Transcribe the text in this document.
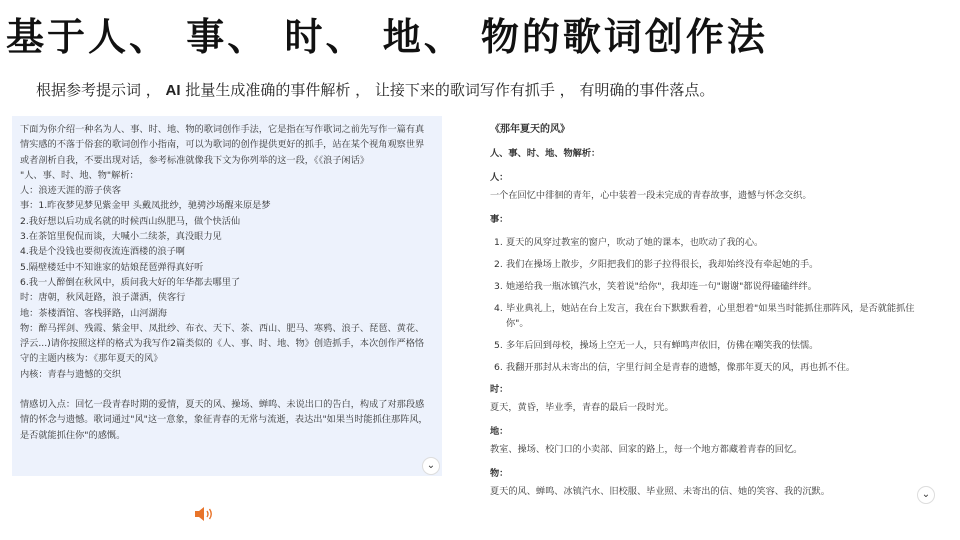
基于人、 事、 时、 地、 物的歌词创作法
根据参考提示词 ， AI 批量生成准确的事件解析 ， 让接下来的歌词写作有抓手 ， 有明确的事件落点。

下面为你介绍一种名为人、事、时、地、物的歌词创作手法，它是指在写作歌词之前先写作一篇有真

情实感的不落于俗套的歌词创作小指南，可以为歌词的创作提供更好的抓手，站在某个视角观察世界

或者剖析自我，不要出现对话，参考标准就像我下文为你列举的这一段，《《浪子闲话》

"人、事、时、地、物"解析：

人：浪迹天涯的游子侠客

事：1.昨夜梦见梦见紫金甲 头戴凤批纱，驰骋沙场醒来原是梦

2.我好想以后功成名就的时候西山纵肥马，做个快活仙

3.在茶馆里倪侃而谈，大喊小二续茶，真没眼力见

4.我是个没钱也要彻夜流连酒楼的浪子啊

5.隔壁楼廷中不知谁家的姑娘琵琶弹得真好听

6.我一人醉倒在秋风中，质问我大好的年华都去哪里了

时：唐朝，秋风赶路，浪子潇洒，侠客行

地：茶楼酒馆、客栈驿路，山河湖海

物：醉马挥剑、残霞、紫金甲、凤批纱、布衣、天下、茶、西山、肥马、寒鸦、浪子、琵琶、黄花、

浮云...)请你按照这样的格式为我写作2篇类似的《人、事、时、地、物》创造抓手，本次创作严格恪

守的主题内核为：《那年夏天的风》

内核：青春与遗憾的交织

情感切入点：回忆一段青春时期的爱情，夏天的风、操场、蝉鸣、未说出口的告白，构成了对那段感

情的怀念与遗憾。歌词通过"风"这一意象，象征青春的无常与流逝，表达出"如果当时能抓住那阵风，

是否就能抓住你"的感慨。

⌄

《那年夏天的风》

人、事、时、地、物解析：

人：

一个在回忆中徘徊的青年，心中装着一段未完成的青春故事，遗憾与怀念交织。

事：

1. 夏天的风穿过教室的窗户，吹动了她的课本，也吹动了我的心。
2. 我们在操场上散步，夕阳把我们的影子拉得很长，我却始终没有牵起她的手。
3. 她递给我一瓶冰镇汽水，笑着说"给你"，我却连一句"谢谢"都说得磕磕绊绊。
4. 毕业典礼上，她站在台上发言，我在台下默默看着，心里想着"如果当时能抓住那阵风，是否就能抓住你"。
5. 多年后回到母校，操场上空无一人，只有蝉鸣声依旧，仿佛在嘲笑我的怯懦。
6. 我翻开那封从未寄出的信，字里行间全是青春的遗憾，像那年夏天的风，再也抓不住。

时：

夏天，黄昏，毕业季，青春的最后一段时光。

地：

教室、操场、校门口的小卖部、回家的路上，每一个地方都藏着青春的回忆。

物：

夏天的风、蝉鸣、冰镇汽水、旧校服、毕业照、未寄出的信、她的笑容、我的沉默。	⌄
